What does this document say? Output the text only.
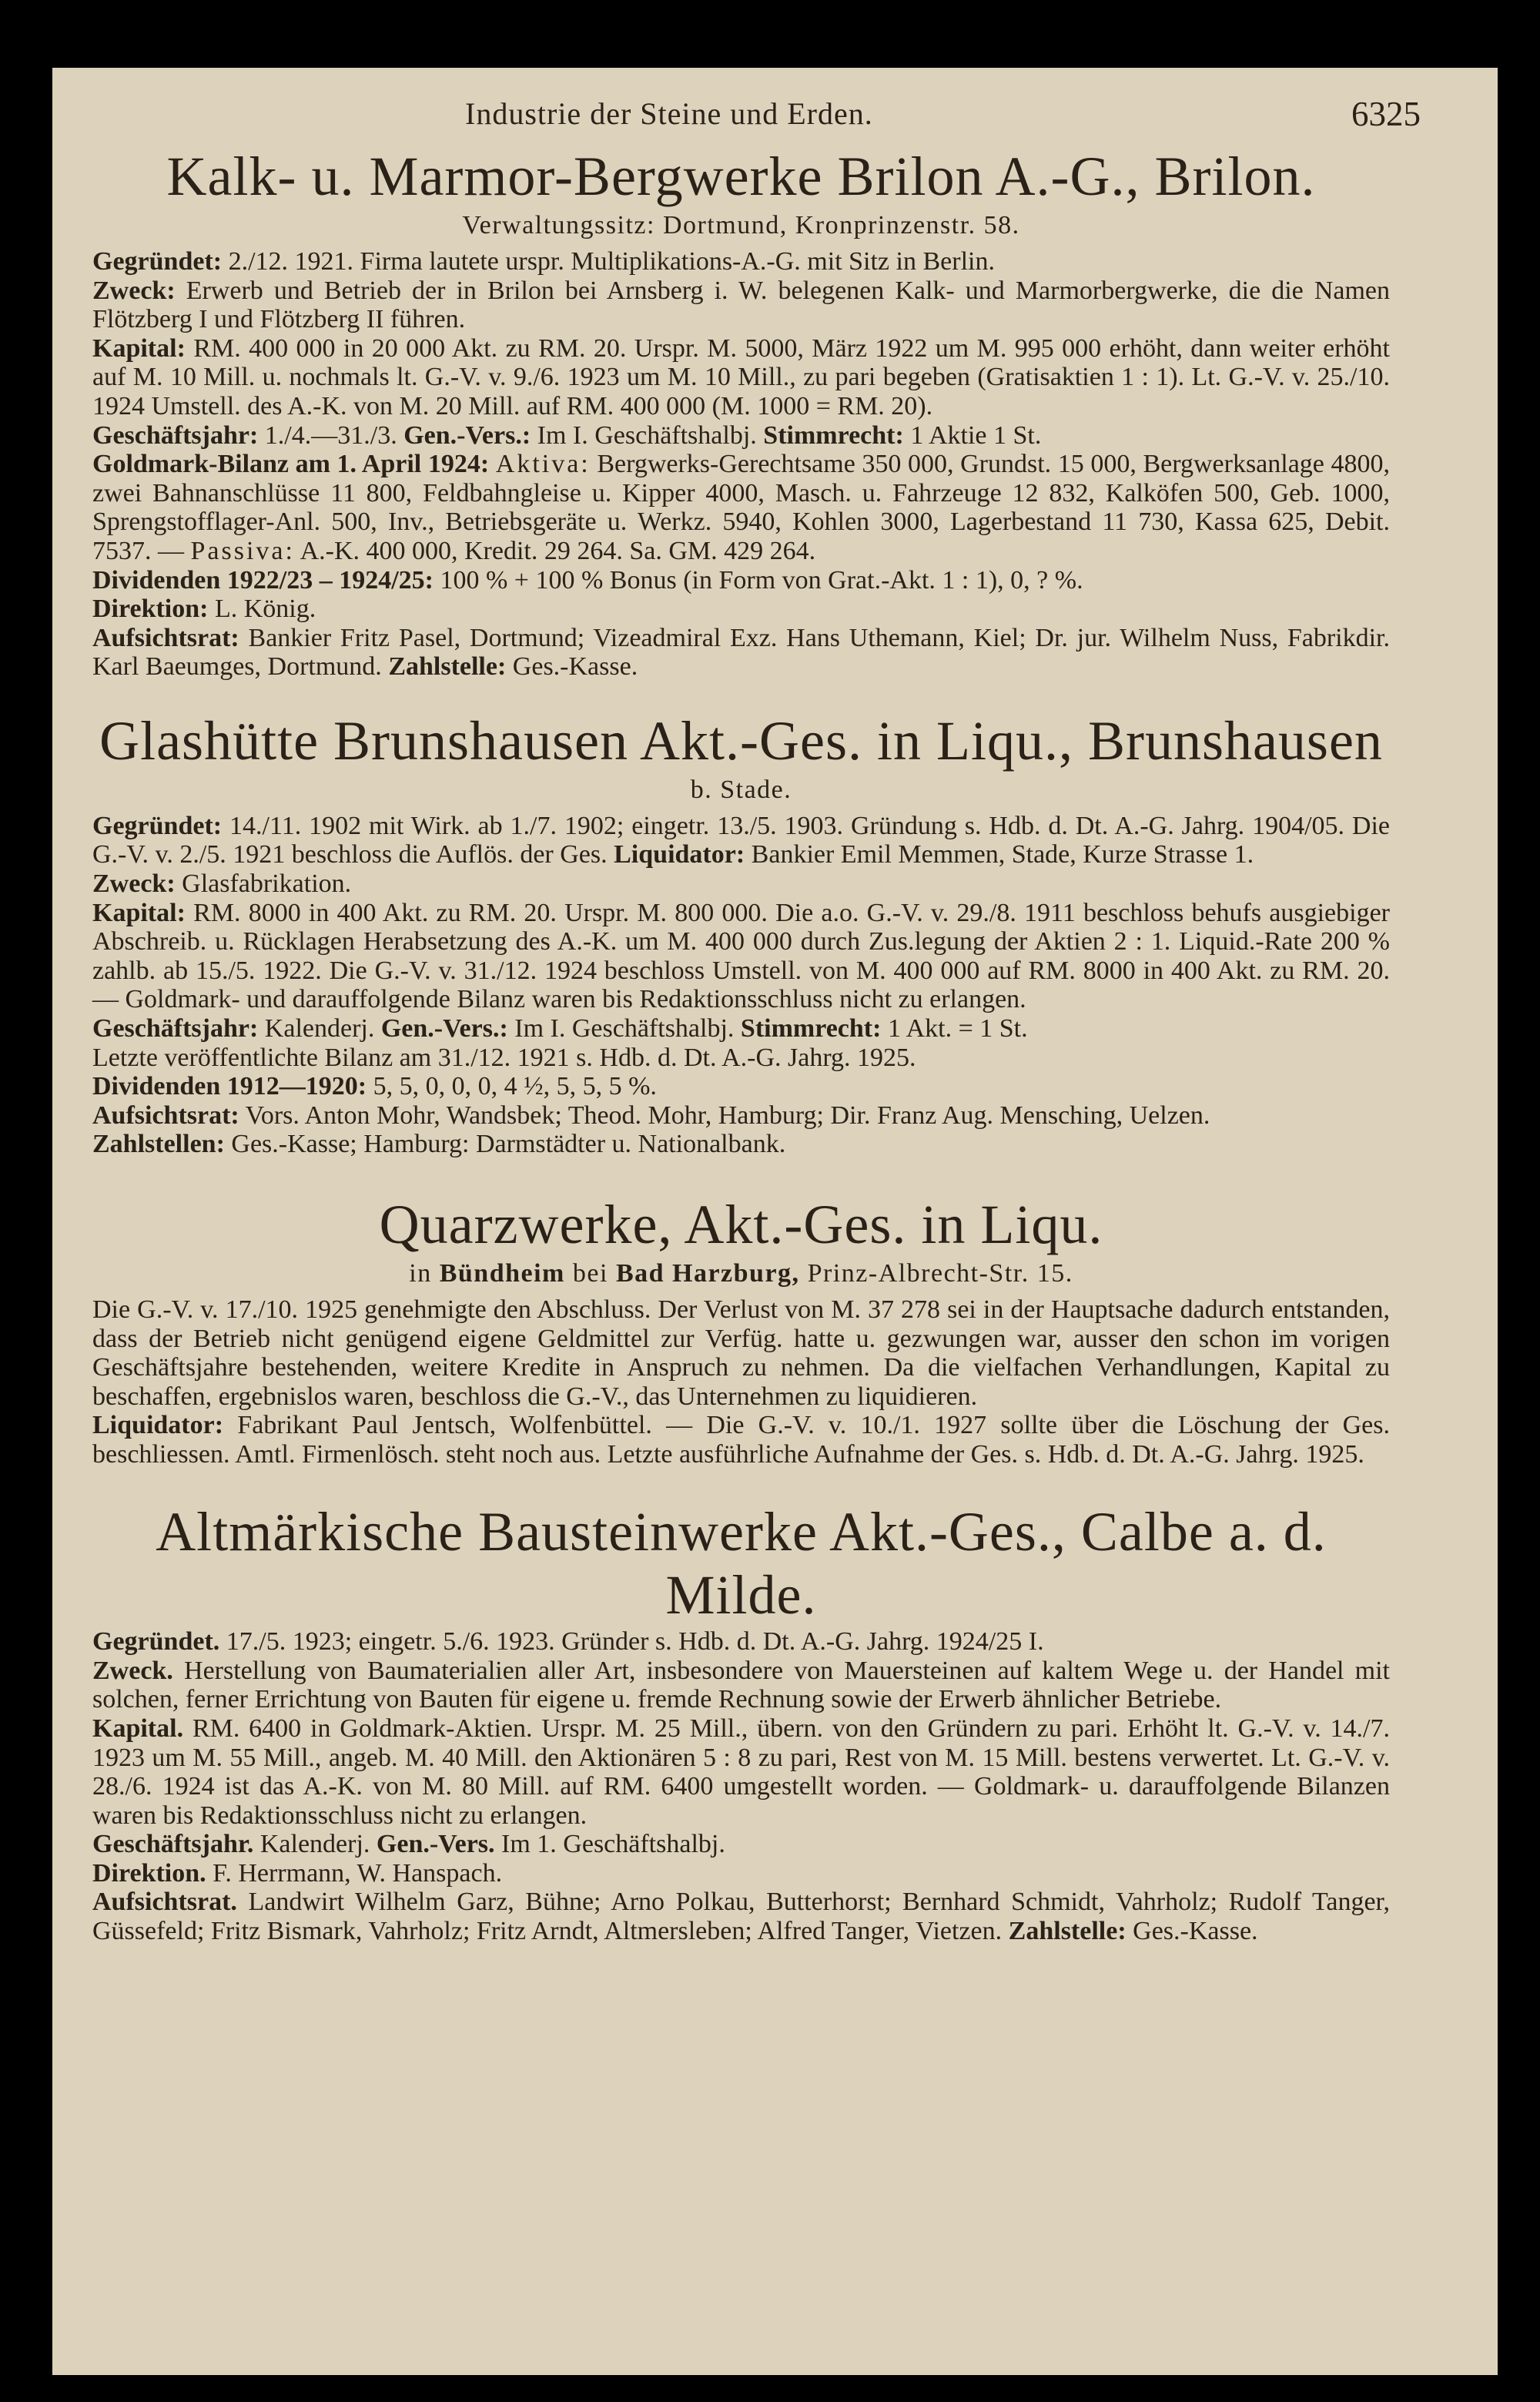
Industrie der Steine und Erden.	6325
Kalk- u. Marmor-Bergwerke Brilon A.-G., Brilon.
Verwaltungssitz: Dortmund, Kronprinzenstr. 58.

Gegründet: 2./12. 1921. Firma lautete urspr. Multiplikations-A.-G. mit Sitz in Berlin.

Zweck: Erwerb und Betrieb der in Brilon bei Arnsberg i. W. belegenen Kalk- und Marmorbergwerke, die die Namen Flötzberg I und Flötzberg II führen.

Kapital: RM. 400 000 in 20 000 Akt. zu RM. 20. Urspr. M. 5000, März 1922 um M. 995 000 erhöht, dann weiter erhöht auf M. 10 Mill. u. nochmals lt. G.-V. v. 9./6. 1923 um M. 10 Mill., zu pari begeben (Gratisaktien 1 : 1). Lt. G.-V. v. 25./10. 1924 Umstell. des A.-K. von M. 20 Mill. auf RM. 400 000 (M. 1000 = RM. 20).

Geschäftsjahr: 1./4.—31./3. Gen.-Vers.: Im I. Geschäftshalbj. Stimmrecht: 1 Aktie 1 St.

Goldmark-Bilanz am 1. April 1924: Aktiva: Bergwerks-Gerechtsame 350 000, Grundst. 15 000, Bergwerksanlage 4800, zwei Bahnanschlüsse 11 800, Feldbahngleise u. Kipper 4000, Masch. u. Fahrzeuge 12 832, Kalköfen 500, Geb. 1000, Sprengstofflager-Anl. 500, Inv., Betriebsgeräte u. Werkz. 5940, Kohlen 3000, Lagerbestand 11 730, Kassa 625, Debit. 7537. — Passiva: A.-K. 400 000, Kredit. 29 264. Sa. GM. 429 264.

Dividenden 1922/23 – 1924/25: 100 % + 100 % Bonus (in Form von Grat.-Akt. 1 : 1), 0, ? %.

Direktion: L. König.

Aufsichtsrat: Bankier Fritz Pasel, Dortmund; Vizeadmiral Exz. Hans Uthemann, Kiel; Dr. jur. Wilhelm Nuss, Fabrikdir. Karl Baeumges, Dortmund. Zahlstelle: Ges.-Kasse.

Glashütte Brunshausen Akt.-Ges. in Liqu., Brunshausen
b. Stade.

Gegründet: 14./11. 1902 mit Wirk. ab 1./7. 1902; eingetr. 13./5. 1903. Gründung s. Hdb. d. Dt. A.-G. Jahrg. 1904/05. Die G.-V. v. 2./5. 1921 beschloss die Auflös. der Ges. Liquidator: Bankier Emil Memmen, Stade, Kurze Strasse 1.

Zweck: Glasfabrikation.

Kapital: RM. 8000 in 400 Akt. zu RM. 20. Urspr. M. 800 000. Die a.o. G.-V. v. 29./8. 1911 beschloss behufs ausgiebiger Abschreib. u. Rücklagen Herabsetzung des A.-K. um M. 400 000 durch Zus.legung der Aktien 2 : 1. Liquid.-Rate 200 % zahlb. ab 15./5. 1922. Die G.-V. v. 31./12. 1924 beschloss Umstell. von M. 400 000 auf RM. 8000 in 400 Akt. zu RM. 20. — Goldmark- und darauffolgende Bilanz waren bis Redaktionsschluss nicht zu erlangen.

Geschäftsjahr: Kalenderj. Gen.-Vers.: Im I. Geschäftshalbj. Stimmrecht: 1 Akt. = 1 St.

Letzte veröffentlichte Bilanz am 31./12. 1921 s. Hdb. d. Dt. A.-G. Jahrg. 1925.

Dividenden 1912—1920: 5, 5, 0, 0, 0, 4 ½, 5, 5, 5 %.

Aufsichtsrat: Vors. Anton Mohr, Wandsbek; Theod. Mohr, Hamburg; Dir. Franz Aug. Mensching, Uelzen.

Zahlstellen: Ges.-Kasse; Hamburg: Darmstädter u. Nationalbank.

Quarzwerke, Akt.-Ges. in Liqu.
in Bündheim bei Bad Harzburg, Prinz-Albrecht-Str. 15.

Die G.-V. v. 17./10. 1925 genehmigte den Abschluss. Der Verlust von M. 37 278 sei in der Hauptsache dadurch entstanden, dass der Betrieb nicht genügend eigene Geldmittel zur Verfüg. hatte u. gezwungen war, ausser den schon im vorigen Geschäftsjahre bestehenden, weitere Kredite in Anspruch zu nehmen. Da die vielfachen Verhandlungen, Kapital zu beschaffen, ergebnislos waren, beschloss die G.-V., das Unternehmen zu liquidieren.

Liquidator: Fabrikant Paul Jentsch, Wolfenbüttel. — Die G.-V. v. 10./1. 1927 sollte über die Löschung der Ges. beschliessen. Amtl. Firmenlösch. steht noch aus. Letzte ausführliche Aufnahme der Ges. s. Hdb. d. Dt. A.-G. Jahrg. 1925.

Altmärkische Bausteinwerke Akt.-Ges., Calbe a. d. Milde.

Gegründet. 17./5. 1923; eingetr. 5./6. 1923. Gründer s. Hdb. d. Dt. A.-G. Jahrg. 1924/25 I.

Zweck. Herstellung von Baumaterialien aller Art, insbesondere von Mauersteinen auf kaltem Wege u. der Handel mit solchen, ferner Errichtung von Bauten für eigene u. fremde Rechnung sowie der Erwerb ähnlicher Betriebe.

Kapital. RM. 6400 in Goldmark-Aktien. Urspr. M. 25 Mill., übern. von den Gründern zu pari. Erhöht lt. G.-V. v. 14./7. 1923 um M. 55 Mill., angeb. M. 40 Mill. den Aktionären 5 : 8 zu pari, Rest von M. 15 Mill. bestens verwertet. Lt. G.-V. v. 28./6. 1924 ist das A.-K. von M. 80 Mill. auf RM. 6400 umgestellt worden. — Goldmark- u. darauffolgende Bilanzen waren bis Redaktionsschluss nicht zu erlangen.

Geschäftsjahr. Kalenderj. Gen.-Vers. Im 1. Geschäftshalbj.

Direktion. F. Herrmann, W. Hanspach.

Aufsichtsrat. Landwirt Wilhelm Garz, Bühne; Arno Polkau, Butterhorst; Bernhard Schmidt, Vahrholz; Rudolf Tanger, Güssefeld; Fritz Bismark, Vahrholz; Fritz Arndt, Altmersleben; Alfred Tanger, Vietzen. Zahlstelle: Ges.-Kasse.
